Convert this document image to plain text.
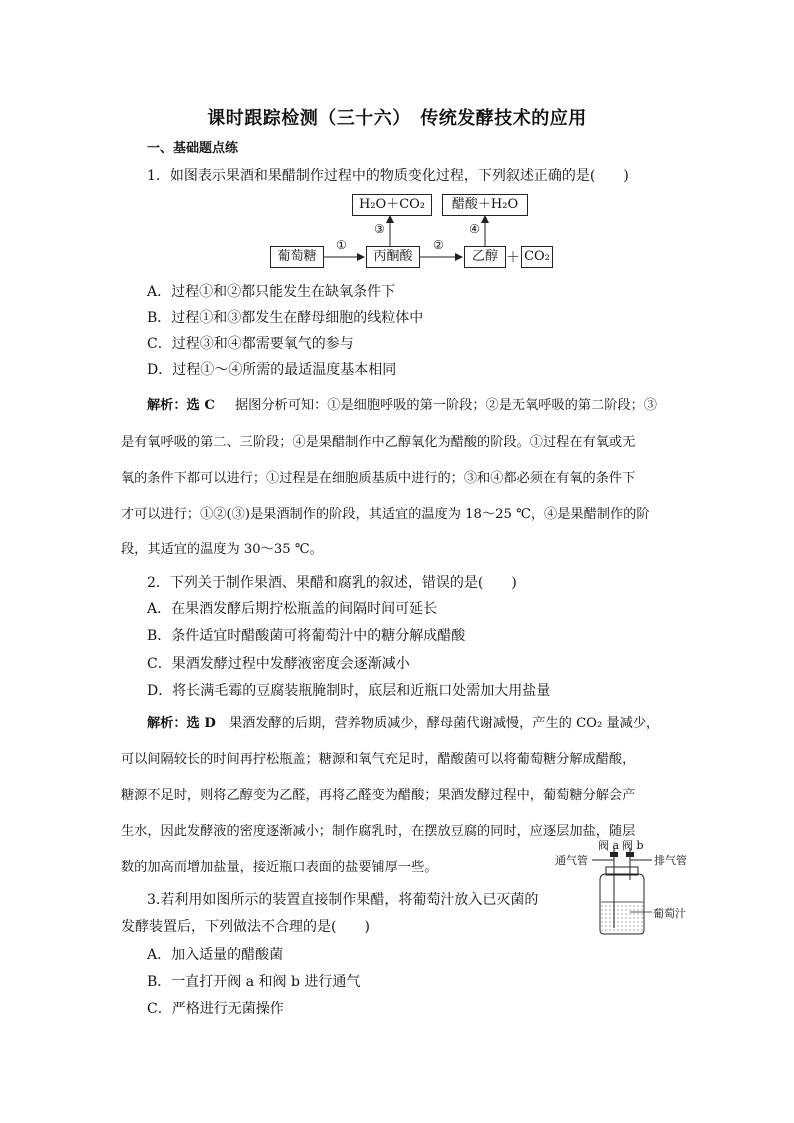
课时跟踪检测（三十六）　传统发酵技术的应用
一、基础题点练
1．如图表示果酒和果醋制作过程中的物质变化过程，下列叙述正确的是(　　)
H₂O＋CO₂	醋酸＋H₂O
③	④
①	②
葡萄糖	丙酮酸	乙醇 ＋ CO₂
A．过程①和②都只能发生在缺氧条件下
B．过程①和③都发生在酵母细胞的线粒体中
C．过程③和④都需要氧气的参与
D．过程①～④所需的最适温度基本相同
解析：选 C 据图分析可知：①是细胞呼吸的第一阶段；②是无氧呼吸的第二阶段；③
是有氧呼吸的第二、三阶段；④是果醋制作中乙醇氧化为醋酸的阶段。①过程在有氧或无
氧的条件下都可以进行；①过程是在细胞质基质中进行的；③和④都必须在有氧的条件下
才可以进行；①②(③)是果酒制作的阶段，其适宜的温度为 18～25 ℃，④是果醋制作的阶
段，其适宜的温度为 30～35 ℃。
2．下列关于制作果酒、果醋和腐乳的叙述，错误的是(　　)
A．在果酒发酵后期拧松瓶盖的间隔时间可延长
B．条件适宜时醋酸菌可将葡萄汁中的糖分解成醋酸
C．果酒发酵过程中发酵液密度会逐渐减小
D．将长满毛霉的豆腐装瓶腌制时，底层和近瓶口处需加大用盐量
解析：选 D 果酒发酵的后期，营养物质减少，酵母菌代谢减慢，产生的 CO₂ 量减少，
可以间隔较长的时间再拧松瓶盖；糖源和氧气充足时，醋酸菌可以将葡萄糖分解成醋酸，
糖源不足时，则将乙醇变为乙醛，再将乙醛变为醋酸；果酒发酵过程中，葡萄糖分解会产
生水，因此发酵液的密度逐渐减小；制作腐乳时，在摆放豆腐的同时，应逐层加盐，随层
数的加高而增加盐量，接近瓶口表面的盐要铺厚一些。
3.若利用如图所示的装置直接制作果醋，将葡萄汁放入已灭菌的
发酵装置后，下列做法不合理的是(　　)
阀 a 阀 b
通气管	排气管
葡萄汁
A．加入适量的醋酸菌
B．一直打开阀 a 和阀 b 进行通气
C．严格进行无菌操作
